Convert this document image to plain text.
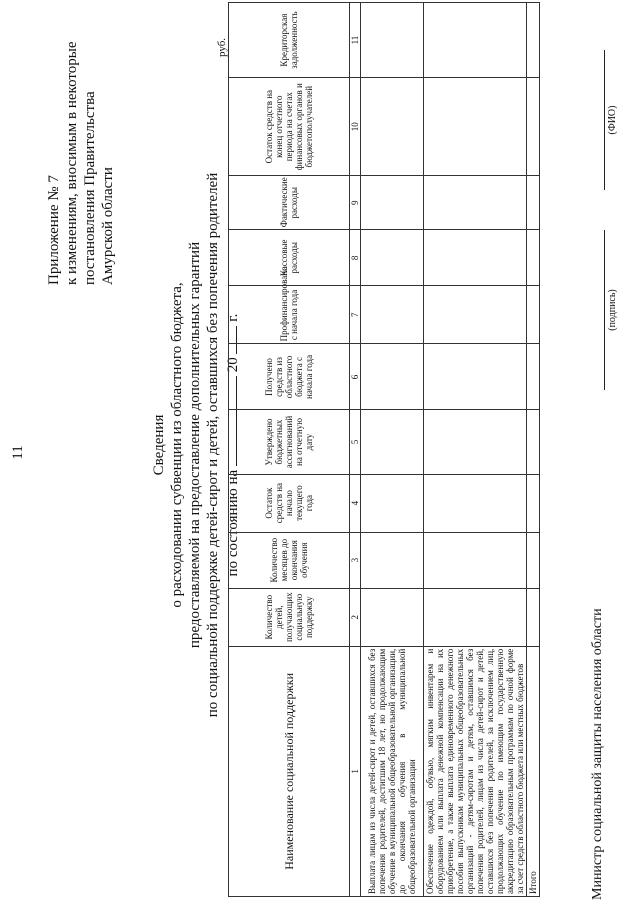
11
Приложение № 7 к изменениям, вносимым в некоторые постановления Правительства Амурской области
Сведения о расходовании субвенции из областного бюджета, предоставляемой на предоставление дополнительных гарантий по социальной поддержке детей-сирот и детей, оставшихся без попечения родителей по состоянию на  20  г.
руб.
Наименование социальной поддержки	Количество детей, получающих социальную поддержку	Количество месяцев до окончания обучения	Остаток средств на начало текущего года	Утверждено бюджетных ассигнований на отчетную дату	Получено средств из областного бюджета с начала года	Профинансировано с начала года	Кассовые расходы	Фактические расходы	Остаток средств на конец отчетного периода на счетах финансовых органов и бюджетополучателей	Кредиторская задолженность
1	2	3	4	5	6	7	8	9	10	11
Выплата лицам из числа детей-сирот и детей, оставшихся без попечения родителей, достигшим 18 лет, но продолжающим обучение в муниципальной общеобразовательной организации, до окончания обучения в муниципальной общеобразовательной организации										
Обеспечение одеждой, обувью, мягким инвентарем и оборудованием или выплата денежной компенсации на их приобретение, а также выплата единовременного денежного пособия выпускникам муниципальных общеобразовательных организаций - детям-сиротам и детям, оставшимся без попечения родителей, лицам из числа детей-сирот и детей, оставшихся без попечения родителей, за исключением лиц, продолжающих обучение по имеющим государственную аккредитацию образовательным программам по очной форме за счет средств областного бюджета или местных бюджетов										
Итого											Министр социальной защиты населения области
(подпись)
(ФИО)
